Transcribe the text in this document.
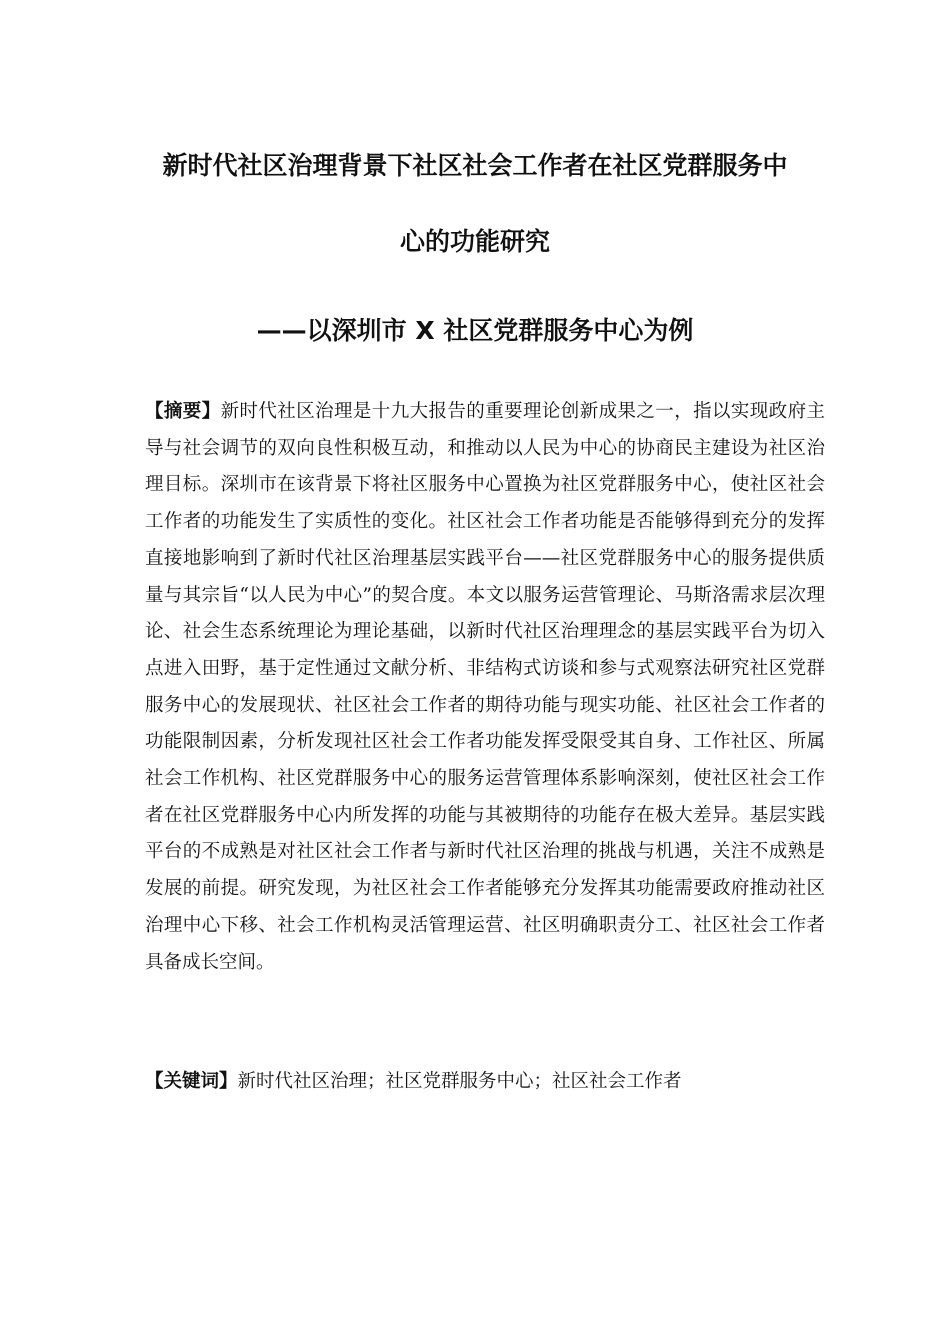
新时代社区治理背景下社区社会工作者在社区党群服务中
心的功能研究
——以深圳市 X 社区党群服务中心为例

【摘要】新时代社区治理是十九大报告的重要理论创新成果之一，指以实现政府主导与社会调节的双向良性积极互动，和推动以人民为中心的协商民主建设为社区治理目标。深圳市在该背景下将社区服务中心置换为社区党群服务中心，使社区社会工作者的功能发生了实质性的变化。社区社会工作者功能是否能够得到充分的发挥直接地影响到了新时代社区治理基层实践平台——社区党群服务中心的服务提供质量与其宗旨“以人民为中心”的契合度。本文以服务运营管理论、马斯洛需求层次理论、社会生态系统理论为理论基础，以新时代社区治理理念的基层实践平台为切入点进入田野，基于定性通过文献分析、非结构式访谈和参与式观察法研究社区党群服务中心的发展现状、社区社会工作者的期待功能与现实功能、社区社会工作者的功能限制因素，分析发现社区社会工作者功能发挥受限受其自身、工作社区、所属社会工作机构、社区党群服务中心的服务运营管理体系影响深刻，使社区社会工作者在社区党群服务中心内所发挥的功能与其被期待的功能存在极大差异。基层实践平台的不成熟是对社区社会工作者与新时代社区治理的挑战与机遇，关注不成熟是发展的前提。研究发现，为社区社会工作者能够充分发挥其功能需要政府推动社区治理中心下移、社会工作机构灵活管理运营、社区明确职责分工、社区社会工作者具备成长空间。

【关键词】新时代社区治理；社区党群服务中心；社区社会工作者
